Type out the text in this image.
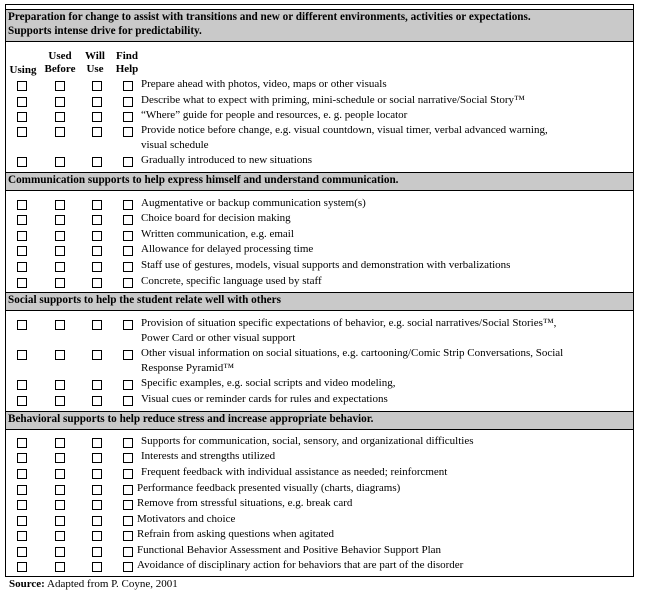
Preparation for change to assist with transitions and new or different environments, activities or expectations.
Supports intense drive for predictability.
Using
Used
Before
Will
Use
Find
Help
Prepare ahead with photos, video, maps or other visuals
Describe what to expect with priming, mini-schedule or social narrative/Social Story™
“Where” guide for people and resources, e. g. people locator
Provide notice before change, e.g. visual countdown, visual timer, verbal advanced warning,
visual schedule
Gradually introduced to new situations
Communication supports to help express himself and understand communication.
Augmentative or backup communication system(s)
Choice board for decision making
Written communication, e.g. email
Allowance for delayed processing time
Staff use of gestures, models, visual supports and demonstration with verbalizations
Concrete, specific language used by staff
Social supports to help the student relate well with others
Provision of situation specific expectations of behavior, e.g. social narratives/Social Stories™,
Power Card or other visual support
Other visual information on social situations, e.g. cartooning/Comic Strip Conversations, Social
Response Pyramid™
Specific examples, e.g. social scripts and video modeling,
Visual cues or reminder cards for rules and expectations
Behavioral supports to help reduce stress and increase appropriate behavior.
Supports for communication, social, sensory, and organizational difficulties
Interests and strengths utilized
Frequent feedback with individual assistance as needed; reinforcment
Performance feedback presented visually (charts, diagrams)
Remove from stressful situations, e.g. break card
Motivators and choice
Refrain from asking questions when agitated
Functional Behavior Assessment and Positive Behavior Support Plan
Avoidance of disciplinary action for behaviors that are part of the disorder
Source: Adapted from P. Coyne, 2001
